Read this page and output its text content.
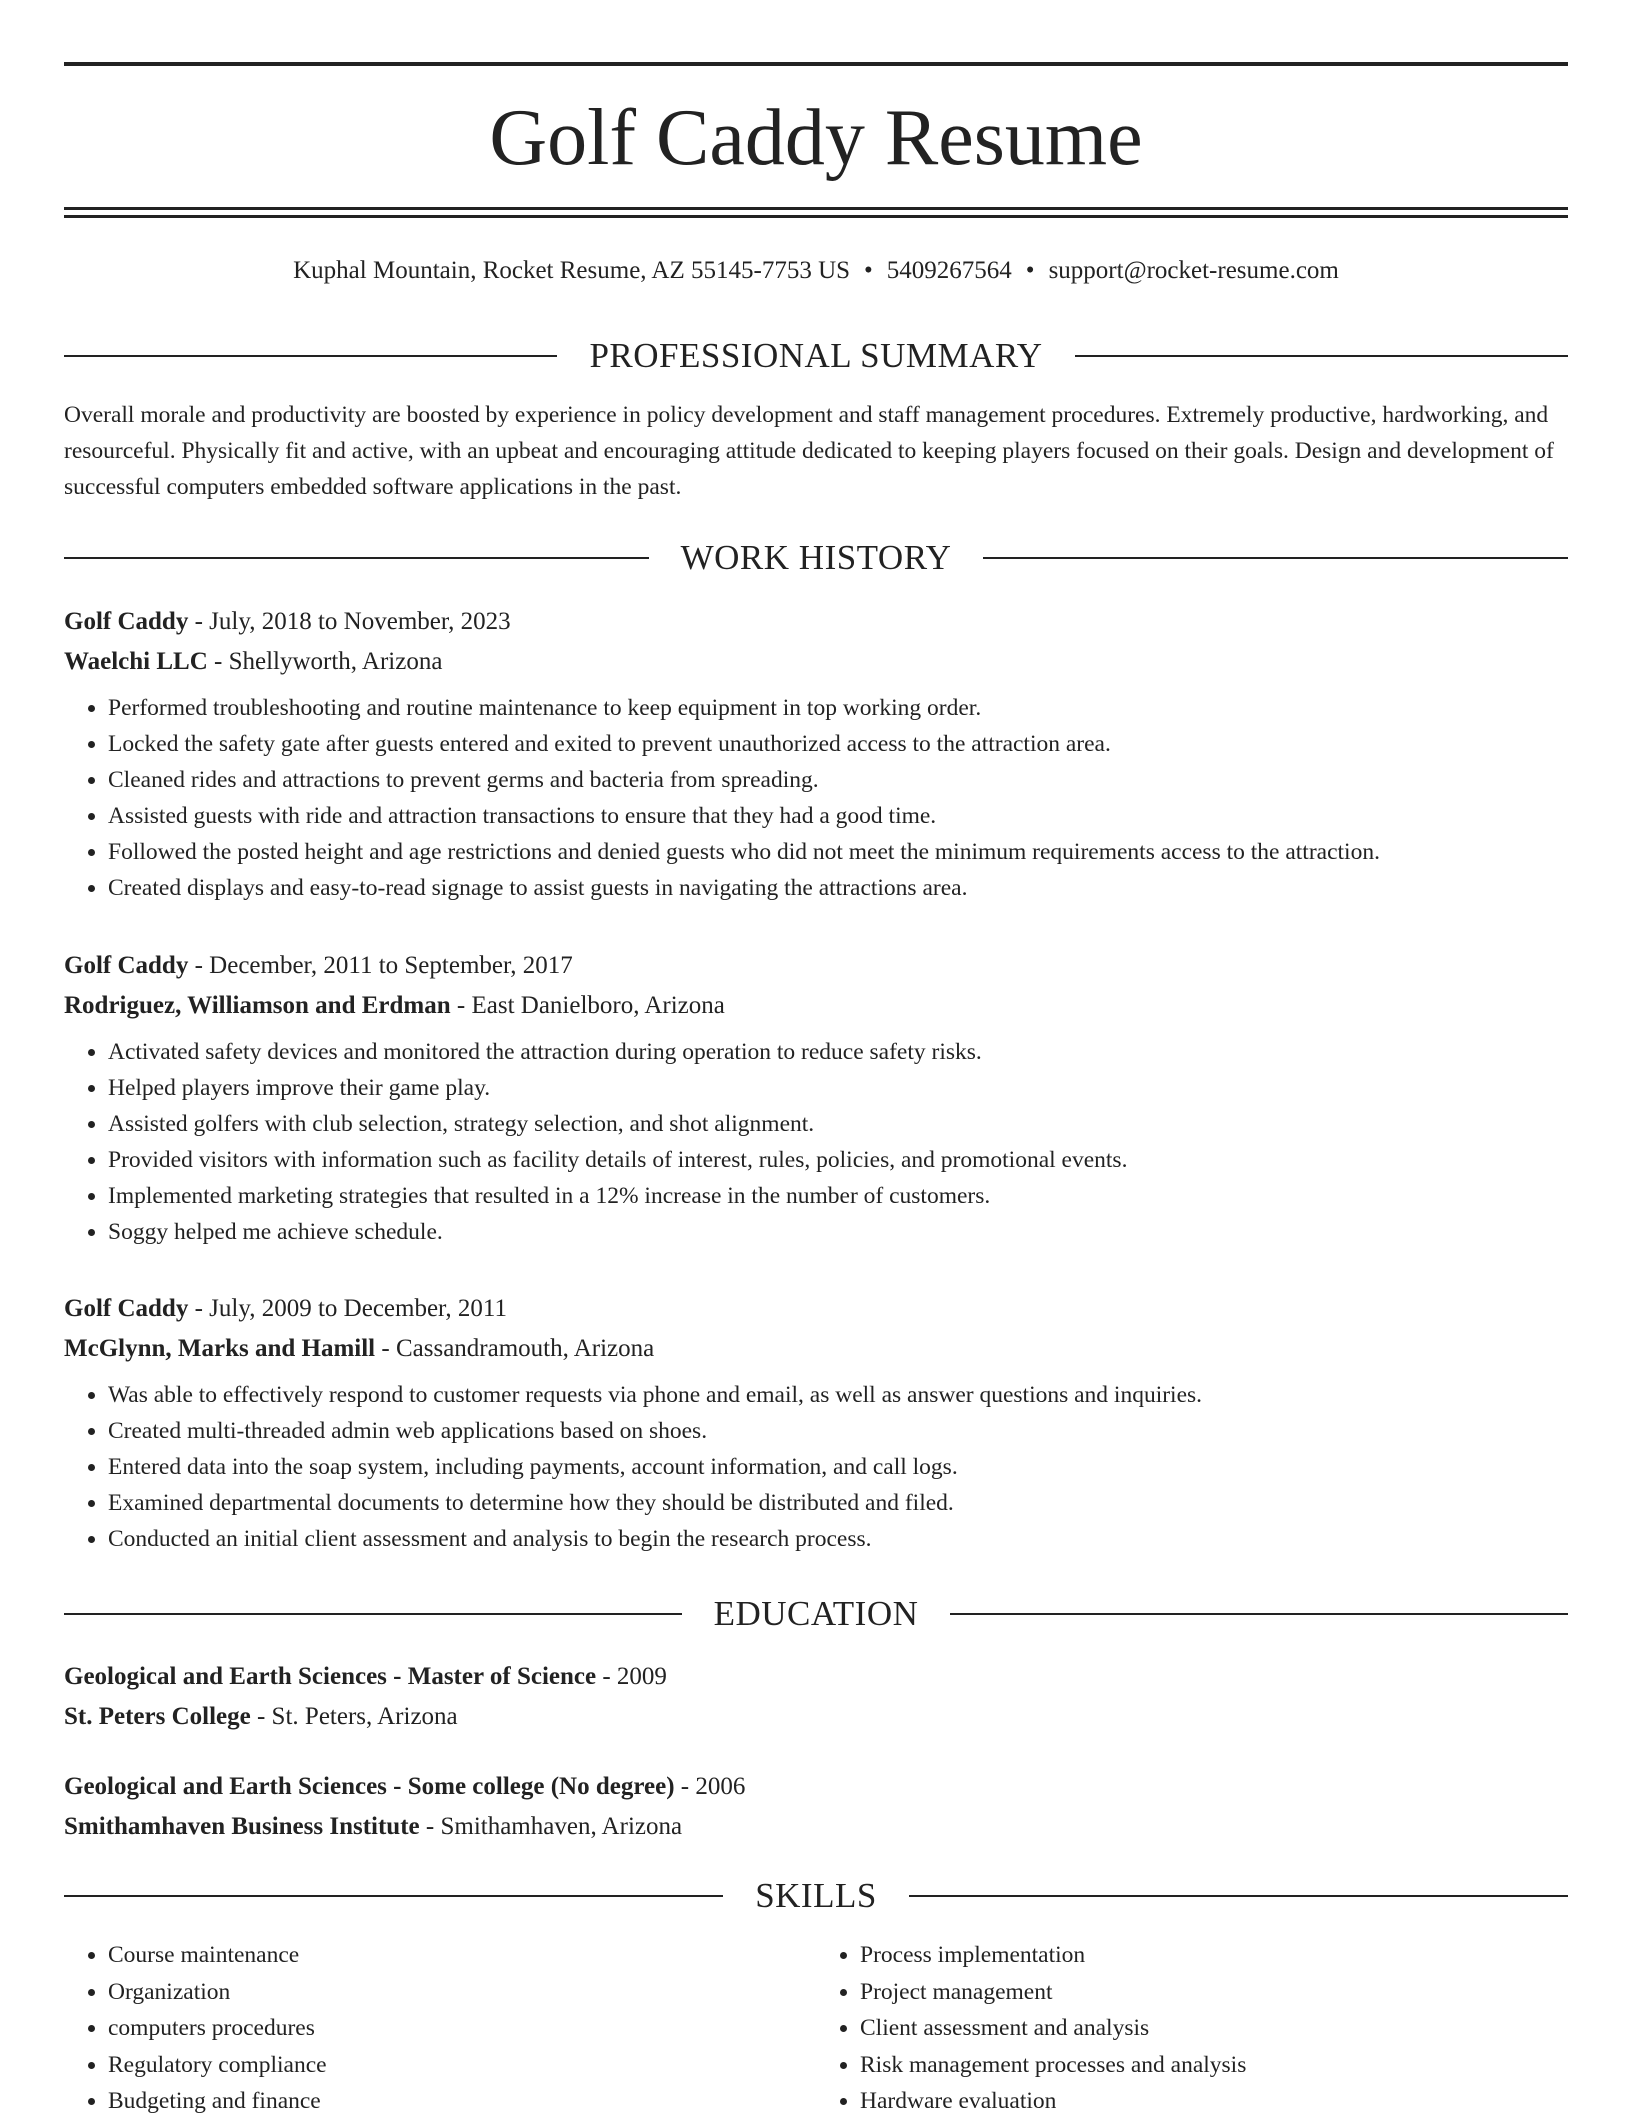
Golf Caddy Resume
Kuphal Mountain, Rocket Resume, AZ 55145-7753 US • 5409267564 • support@rocket-resume.com
PROFESSIONAL SUMMARY

Overall morale and productivity are boosted by experience in policy development and staff management procedures. Extremely productive, hardworking, and resourceful. Physically fit and active, with an upbeat and encouraging attitude dedicated to keeping players focused on their goals. Design and development of successful computers embedded software applications in the past.

WORK HISTORY
Golf Caddy - July, 2018 to November, 2023
Waelchi LLC - Shellyworth, Arizona
• Performed troubleshooting and routine maintenance to keep equipment in top working order.
• Locked the safety gate after guests entered and exited to prevent unauthorized access to the attraction area.
• Cleaned rides and attractions to prevent germs and bacteria from spreading.
• Assisted guests with ride and attraction transactions to ensure that they had a good time.
• Followed the posted height and age restrictions and denied guests who did not meet the minimum requirements access to the attraction.
• Created displays and easy-to-read signage to assist guests in navigating the attractions area.
Golf Caddy - December, 2011 to September, 2017
Rodriguez, Williamson and Erdman - East Danielboro, Arizona
• Activated safety devices and monitored the attraction during operation to reduce safety risks.
• Helped players improve their game play.
• Assisted golfers with club selection, strategy selection, and shot alignment.
• Provided visitors with information such as facility details of interest, rules, policies, and promotional events.
• Implemented marketing strategies that resulted in a 12% increase in the number of customers.
• Soggy helped me achieve schedule.
Golf Caddy - July, 2009 to December, 2011
McGlynn, Marks and Hamill - Cassandramouth, Arizona
• Was able to effectively respond to customer requests via phone and email, as well as answer questions and inquiries.
• Created multi-threaded admin web applications based on shoes.
• Entered data into the soap system, including payments, account information, and call logs.
• Examined departmental documents to determine how they should be distributed and filed.
• Conducted an initial client assessment and analysis to begin the research process.
EDUCATION
Geological and Earth Sciences - Master of Science - 2009
St. Peters College - St. Peters, Arizona
Geological and Earth Sciences - Some college (No degree) - 2006
Smithamhaven Business Institute - Smithamhaven, Arizona
SKILLS
• Course maintenance
• Organization
• computers procedures
• Regulatory compliance
• Budgeting and finance
• Process implementation
• Project management
• Client assessment and analysis
• Risk management processes and analysis
• Hardware evaluation
